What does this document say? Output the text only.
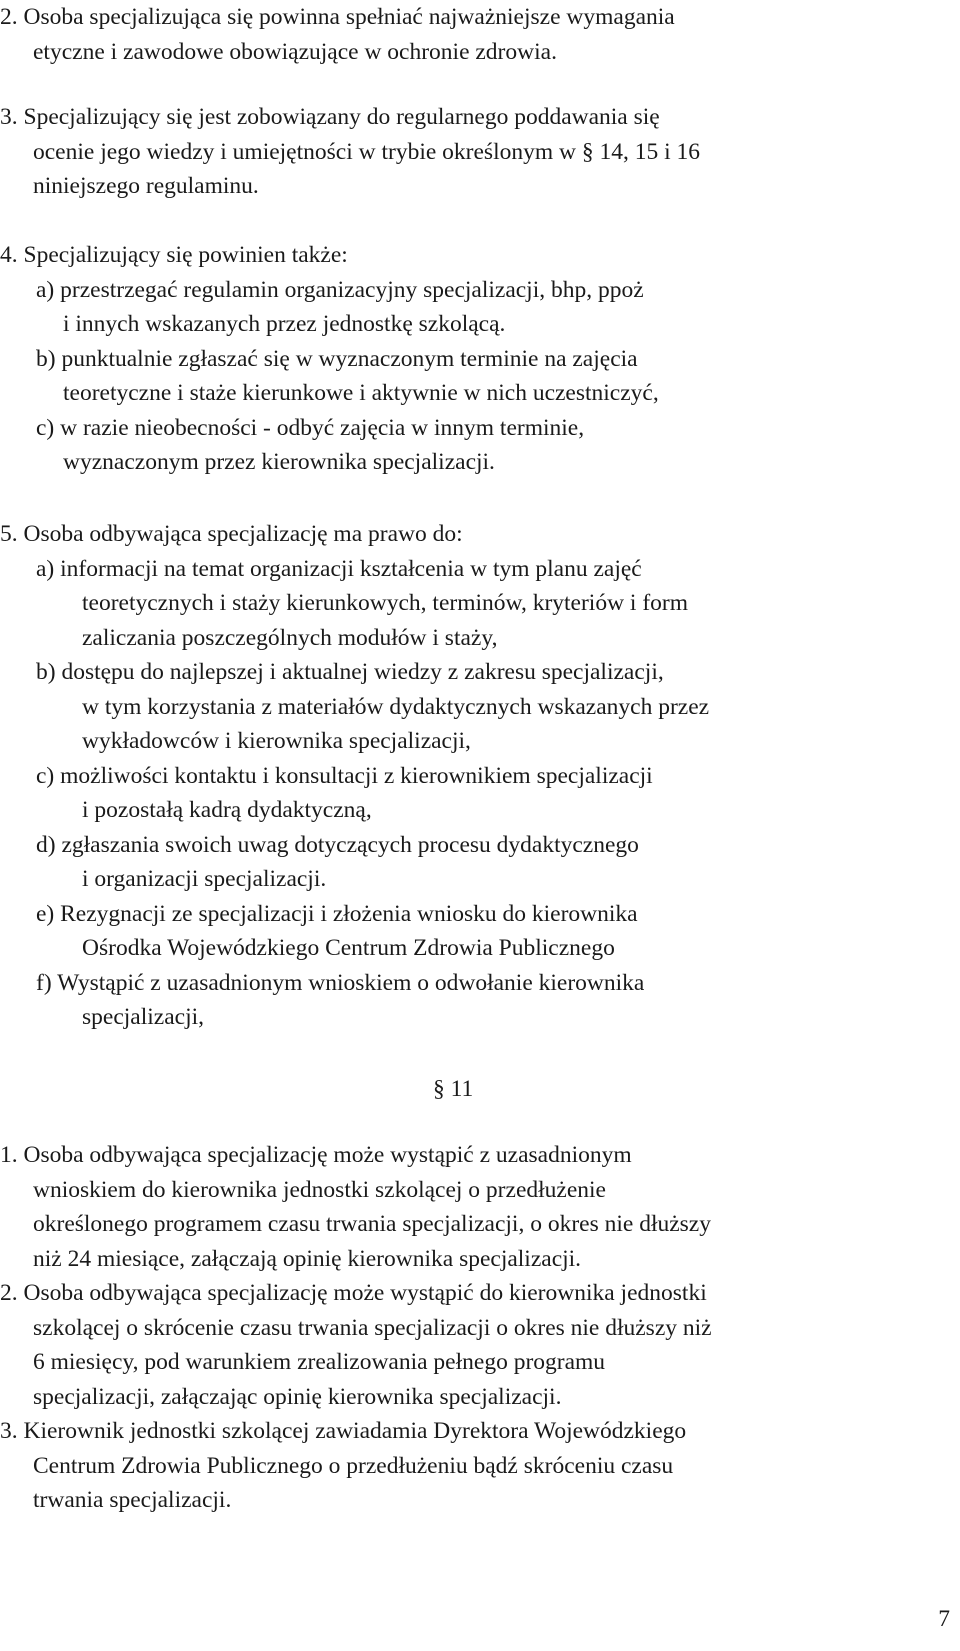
2. Osoba specjalizująca się powinna spełniać najważniejsze wymagania
etyczne i zawodowe obowiązujące w ochronie zdrowia.
3. Specjalizujący się jest zobowiązany do regularnego poddawania się
ocenie jego wiedzy i umiejętności w trybie określonym w § 14, 15 i 16
niniejszego regulaminu.
4. Specjalizujący się powinien także:
a) przestrzegać regulamin organizacyjny specjalizacji, bhp, ppoż
i innych wskazanych przez jednostkę szkolącą.
b) punktualnie zgłaszać się w wyznaczonym terminie na zajęcia
teoretyczne i staże kierunkowe i aktywnie w nich uczestniczyć,
c) w razie nieobecności - odbyć zajęcia w innym terminie,
wyznaczonym przez kierownika specjalizacji.
5. Osoba odbywająca specjalizację ma prawo do:
a) informacji na temat organizacji kształcenia w tym planu zajęć
teoretycznych i staży kierunkowych, terminów, kryteriów i form
zaliczania poszczególnych modułów i staży,
b) dostępu do najlepszej i aktualnej wiedzy z zakresu specjalizacji,
w tym korzystania z materiałów dydaktycznych wskazanych przez
wykładowców i kierownika specjalizacji,
c) możliwości kontaktu i konsultacji z kierownikiem specjalizacji
i pozostałą kadrą dydaktyczną,
d) zgłaszania swoich uwag dotyczących procesu dydaktycznego
i organizacji specjalizacji.
e) Rezygnacji ze specjalizacji i złożenia wniosku do kierownika
Ośrodka Wojewódzkiego Centrum Zdrowia Publicznego
f) Wystąpić z uzasadnionym wnioskiem o odwołanie kierownika
specjalizacji,
§ 11
1. Osoba odbywająca specjalizację może wystąpić z uzasadnionym
wnioskiem do kierownika jednostki szkolącej o przedłużenie
określonego programem czasu trwania specjalizacji, o okres nie dłuższy
niż 24 miesiące, załączają opinię kierownika specjalizacji.
2. Osoba odbywająca specjalizację może wystąpić do kierownika jednostki
szkolącej o skrócenie czasu trwania specjalizacji o okres nie dłuższy niż
6 miesięcy, pod warunkiem zrealizowania pełnego programu
specjalizacji, załączając opinię kierownika specjalizacji.
3. Kierownik jednostki szkolącej zawiadamia Dyrektora Wojewódzkiego
Centrum Zdrowia Publicznego o przedłużeniu bądź skróceniu czasu
trwania specjalizacji.
7
